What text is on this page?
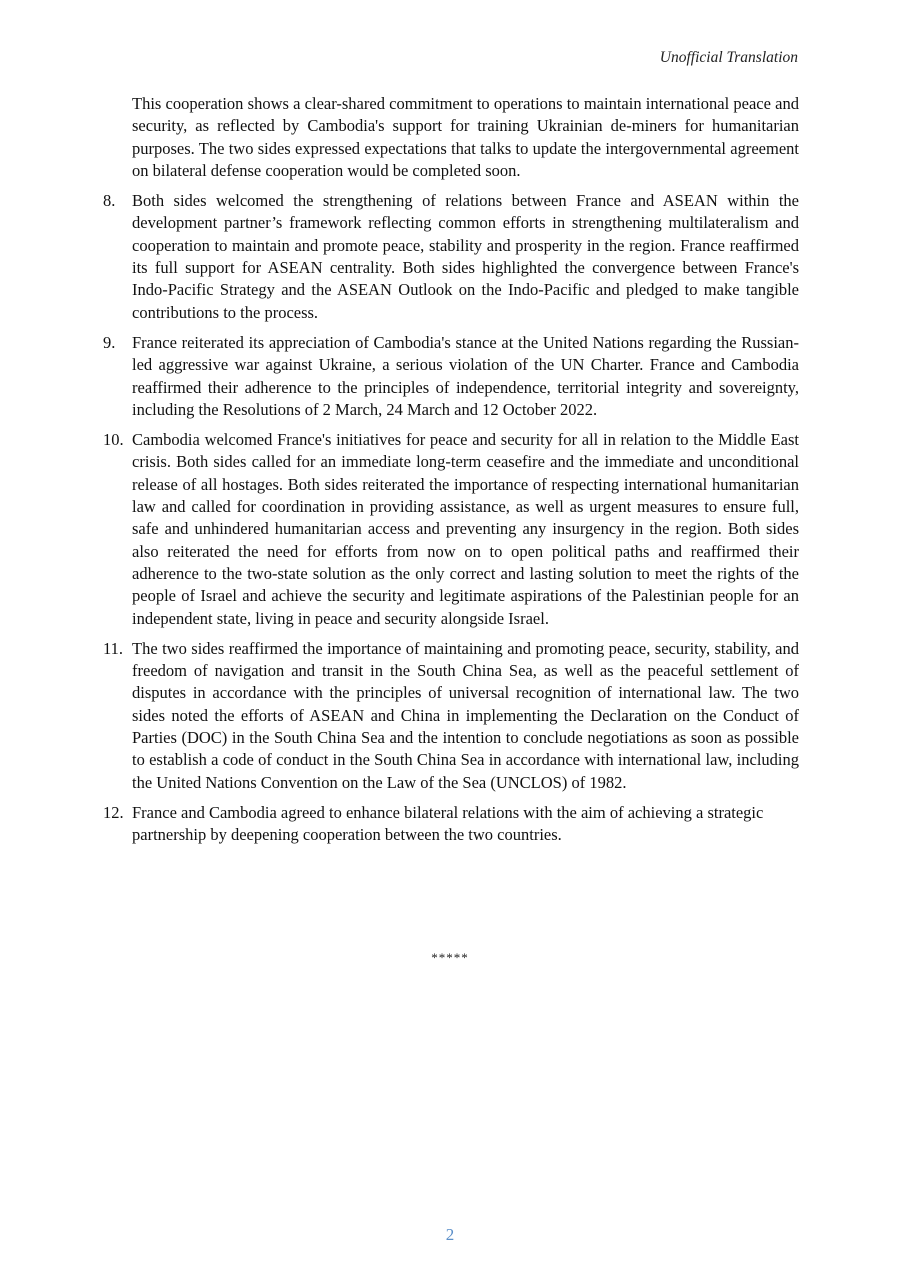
Unofficial Translation

This cooperation shows a clear-shared commitment to operations to maintain international peace and security, as reflected by Cambodia's support for training Ukrainian de-miners for humanitarian purposes. The two sides expressed expectations that talks to update the intergovernmental agreement on bilateral defense cooperation would be completed soon.

8.	Both sides welcomed the strengthening of relations between France and ASEAN within the development partner’s framework reflecting common efforts in strengthening multilateralism and cooperation to maintain and promote peace, stability and prosperity in the region. France reaffirmed its full support for ASEAN centrality. Both sides highlighted the convergence between France's Indo-Pacific Strategy and the ASEAN Outlook on the Indo-Pacific and pledged to make tangible contributions to the process.
9.	France reiterated its appreciation of Cambodia's stance at the United Nations regarding the Russian-led aggressive war against Ukraine, a serious violation of the UN Charter. France and Cambodia reaffirmed their adherence to the principles of independence, territorial integrity and sovereignty, including the Resolutions of 2 March, 24 March and 12 October 2022.
10. Cambodia welcomed France's initiatives for peace and security for all in relation to the Middle East crisis. Both sides called for an immediate long-term ceasefire and the immediate and unconditional release of all hostages. Both sides reiterated the importance of respecting international humanitarian law and called for coordination in providing assistance, as well as urgent measures to ensure full, safe and unhindered humanitarian access and preventing any insurgency in the region. Both sides also reiterated the need for efforts from now on to open political paths and reaffirmed their adherence to the two-state solution as the only correct and lasting solution to meet the rights of the people of Israel and achieve the security and legitimate aspirations of the Palestinian people for an independent state, living in peace and security alongside Israel.
11. The two sides reaffirmed the importance of maintaining and promoting peace, security, stability, and freedom of navigation and transit in the South China Sea, as well as the peaceful settlement of disputes in accordance with the principles of universal recognition of international law. The two sides noted the efforts of ASEAN and China in implementing the Declaration on the Conduct of Parties (DOC) in the South China Sea and the intention to conclude negotiations as soon as possible to establish a code of conduct in the South China Sea in accordance with international law, including the United Nations Convention on the Law of the Sea (UNCLOS) of 1982.
12. France and Cambodia agreed to enhance bilateral relations with the aim of achieving a strategic partnership by deepening cooperation between the two countries.
*****
2
